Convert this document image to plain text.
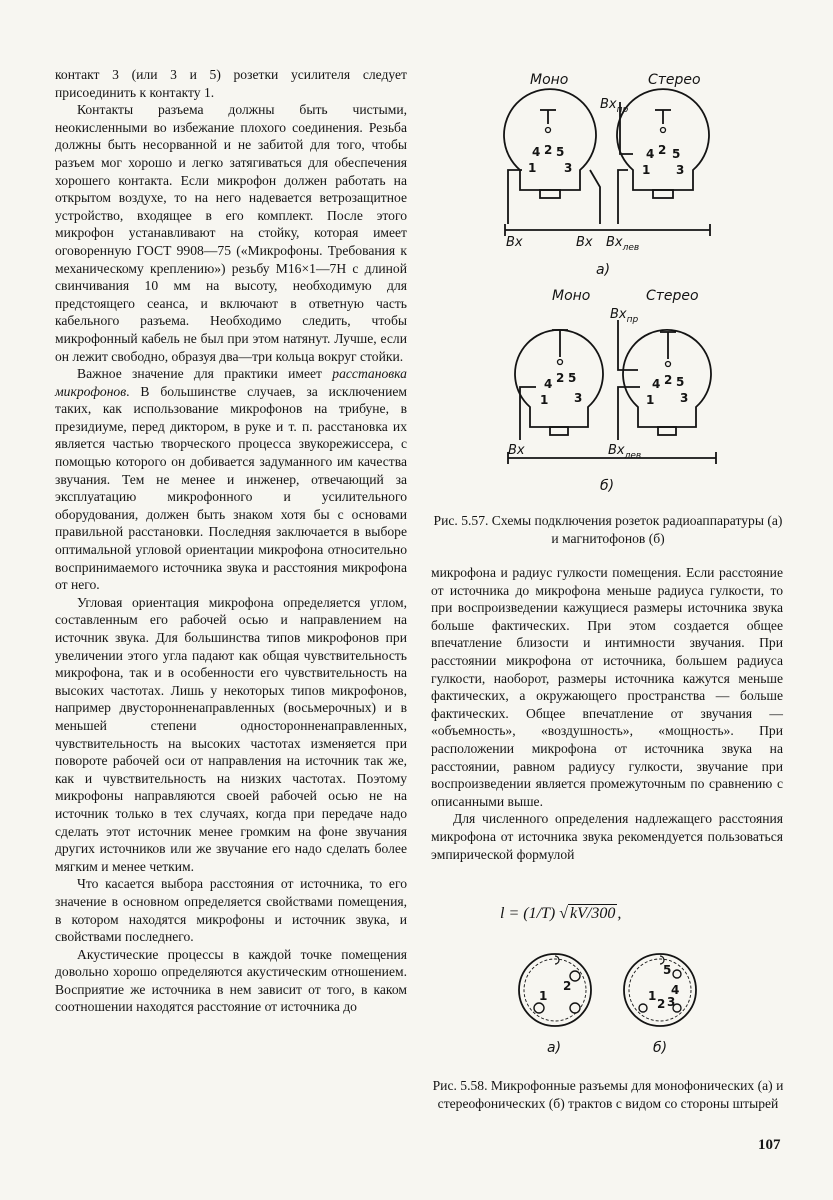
контакт 3 (или 3 и 5) розетки усилителя следует присоединить к контакту 1.

Контакты разъема должны быть чистыми, неокисленными во избежание плохого соединения. Резьба должны быть несорванной и не забитой для того, чтобы разъем мог хорошо и легко затягиваться для обеспечения хорошего контакта. Если микрофон должен работать на открытом воздухе, то на него надевается ветрозащитное устройство, входящее в его комплект. После этого микрофон устанавливают на стойку, которая имеет оговоренную ГОСТ 9908—75 («Микрофоны. Требования к механическому креплению») резьбу M16×1—7H с длиной свинчивания 10 мм на высоту, необходимую для предстоящего сеанса, и включают в ответную часть кабельного разъема. Необходимо следить, чтобы микрофонный кабель не был при этом натянут. Лучше, если он лежит свободно, образуя два—три кольца вокруг стойки.

Важное значение для практики имеет расстановка микрофонов. В большинстве случаев, за исключением таких, как использование микрофонов на трибуне, в президиуме, перед диктором, в руке и т. п. расстановка их является частью творческого процесса звукорежиссера, с помощью которого он добивается задуманного им качества звучания. Тем не менее и инженер, отвечающий за эксплуатацию микрофонного и усилительного оборудования, должен быть знаком хотя бы с основами правильной расстановки. Последняя заключается в выборе оптимальной угловой ориентации микрофона относительно воспринимаемого источника звука и расстояния микрофона от него.

Угловая ориентация микрофона определяется углом, составленным его рабочей осью и направлением на источник звука. Для большинства типов микрофонов при увеличении этого угла падают как общая чувствительность микрофона, так и в особенности его чувствительность на высоких частотах. Лишь у некоторых типов микрофонов, например двусторонненаправленных (восьмерочных) и в меньшей степени односторонненаправленных, чувствительность на высоких частотах изменяется при повороте рабочей оси от направления на источник так же, как и чувствительность на низких частотах. Поэтому микрофоны направляются своей рабочей осью не на источник только в тех случаях, когда при передаче надо сделать этот источник менее громким на фоне звучания других источников или же звучание его надо сделать более мягким и менее четким.

Что касается выбора расстояния от источника, то его значение в основном определяется свойствами помещения, в котором находятся микрофоны и источник звука, и свойствами последнего.

Акустические процессы в каждой точке помещения довольно хорошо определяются акустическим отношением. Восприятие же источника в нем зависит от того, в каком соотношении находятся расстояние от источника до

Моно	Стерео
$Вх_{пр}$
4 2 5
1 3
4 2 5
1 3
Вх	Вх $Вх_{лев}$
а)
Моно	Стерео
$Вх_{пр}$
4 2 5
1 3
4 2 5
1 3
Вх	$Вх_{лев}$
б)
Рис. 5.57. Схемы подключения розеток радиоаппаратуры (а) и магнитофонов (б)

микрофона и радиус гулкости помещения. Если расстояние от источника до микрофона меньше радиуса гулкости, то при воспроизведении кажущиеся размеры источника звука больше фактических. При этом создается общее впечатление близости и интимности звучания. При расстоянии микрофона от источника, большем радиуса гулкости, наоборот, размеры источника кажутся меньше фактических, а окружающего пространства — больше фактических. Общее впечатление от звучания — «объемность», «воздушность», «мощность». При расположении микрофона от источника звука на расстоянии, равном радиусу гулкости, звучание при воспроизведении является промежуточным по сравнению с описанными выше.

Для численного определения надлежащего расстояния микрофона от источника звука рекомендуется пользоваться эмпирической формулой

l = (1/T) √ kV/300 ,
1
2
5
4
1
2 3
а)	б)
Рис. 5.58. Микрофонные разъемы для монофонических (а) и стереофонических (б) трактов с видом со стороны штырей
107
